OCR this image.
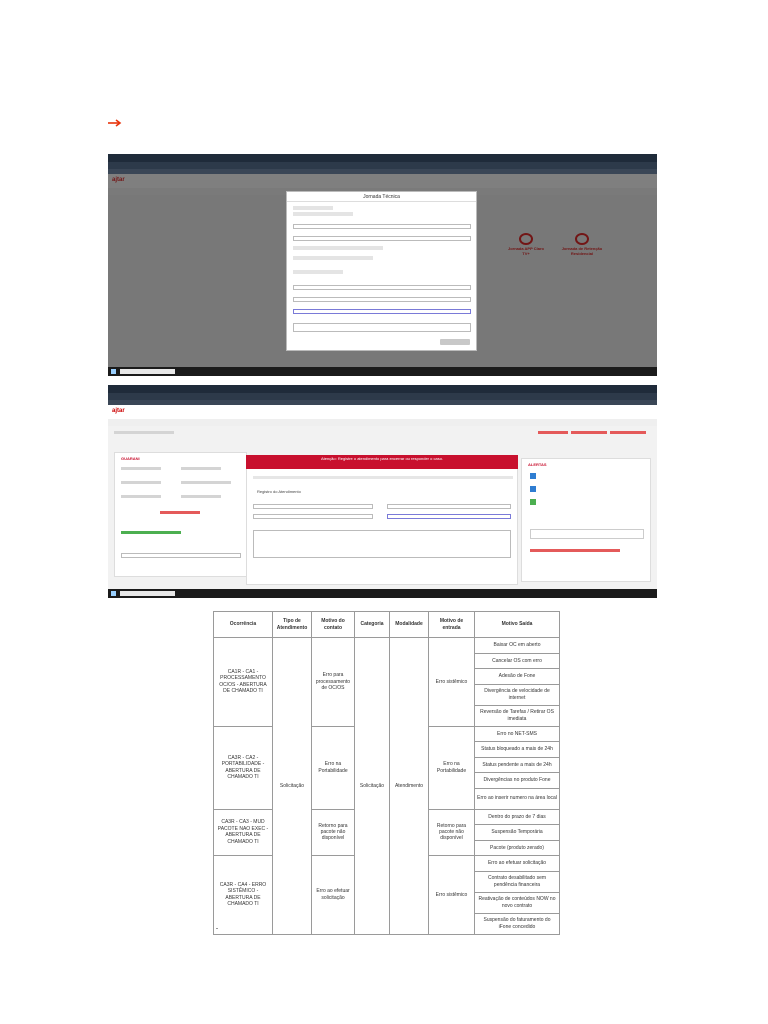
Jornada Técnica
ajtar
GUARANI
Registro do Atendimento
Atenção: Registre o atendimento para encerrar ou responder o caso.
ALERTAS
Ocorrência	Tipo de Atendimento	Motivo do contato	Categoria	Modalidade	Motivo de entrada	Motivo Saída
CA1R - CA1 - PROCESSAMENTO OC/OS - ABERTURA DE CHAMADO TI	Solicitação	Erro para processamento de OC/OS	Solicitação	Atendimento	Erro sistêmico	Baixar OC em aberto
						Cancelar OS com erro
						Adesão de Fone
						Divergência de velocidade de internet
						Reversão de Tarefas / Retirar OS imediata
CA3R - CA2 - PORTABILIDADE - ABERTURA DE CHAMADO TI		Erro na Portabilidade			Erro na Portabilidade	Erro no NET-SMS
						Status bloqueado a mais de 24h
						Status pendente a mais de 24h
						Divergências no produto Fone
						Erro ao inserir numero na área local
CA3R - CA3 - MUD PACOTE NAO EXEC - ABERTURA DE CHAMADO TI		Retorno para pacote não disponível			Retorno para pacote não disponível	Dentro do prazo de 7 dias
						Suspensão Temporária
						Pacote (produto zerado)
CA3R - CA4 - ERRO SISTÊMICO - ABERTURA DE CHAMADO TI		Erro ao efetuar solicitação			Erro sistêmico	Erro ao efetuar solicitação
						Contrato desabilitado sem pendência financeira
						Reativação de conteúdos NOW no novo contrato
						Suspensão do faturamento do iFone concedido
